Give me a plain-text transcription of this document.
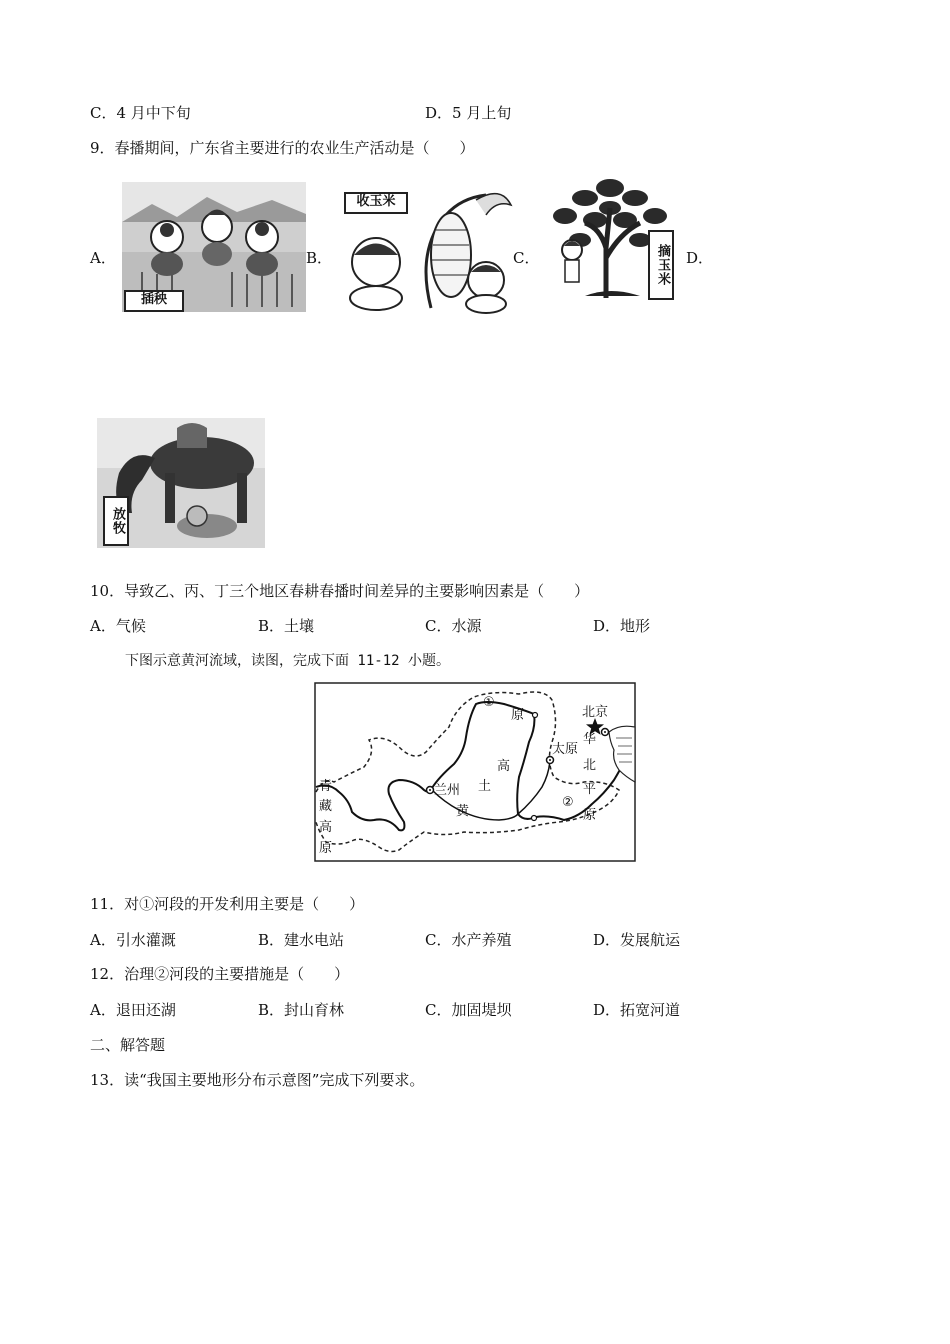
C．4 月中下旬	D．5 月上旬
9．春播期间，广东省主要进行的农业生产活动是（　　）
A．
插秧
B．
收玉米
C．	摘玉米 D．
放牧
10．导致乙、丙、丁三个地区春耕春播时间差异的主要影响因素是（　　）
A．气候	B．土壤	C．水源	D．地形
下图示意黄河流域，读图，完成下面 11-12 小题。
①
②
北京
太原
兰州
黄
土
高
原
华
北
平
原
青
藏
高
原
11．对①河段的开发利用主要是（　　）
A．引水灌溉	B．建水电站	C．水产养殖	D．发展航运
12．治理②河段的主要措施是（　　）
A．退田还湖	B．封山育林	C．加固堤坝	D．拓宽河道
二、解答题
13．读“我国主要地形分布示意图”完成下列要求。
